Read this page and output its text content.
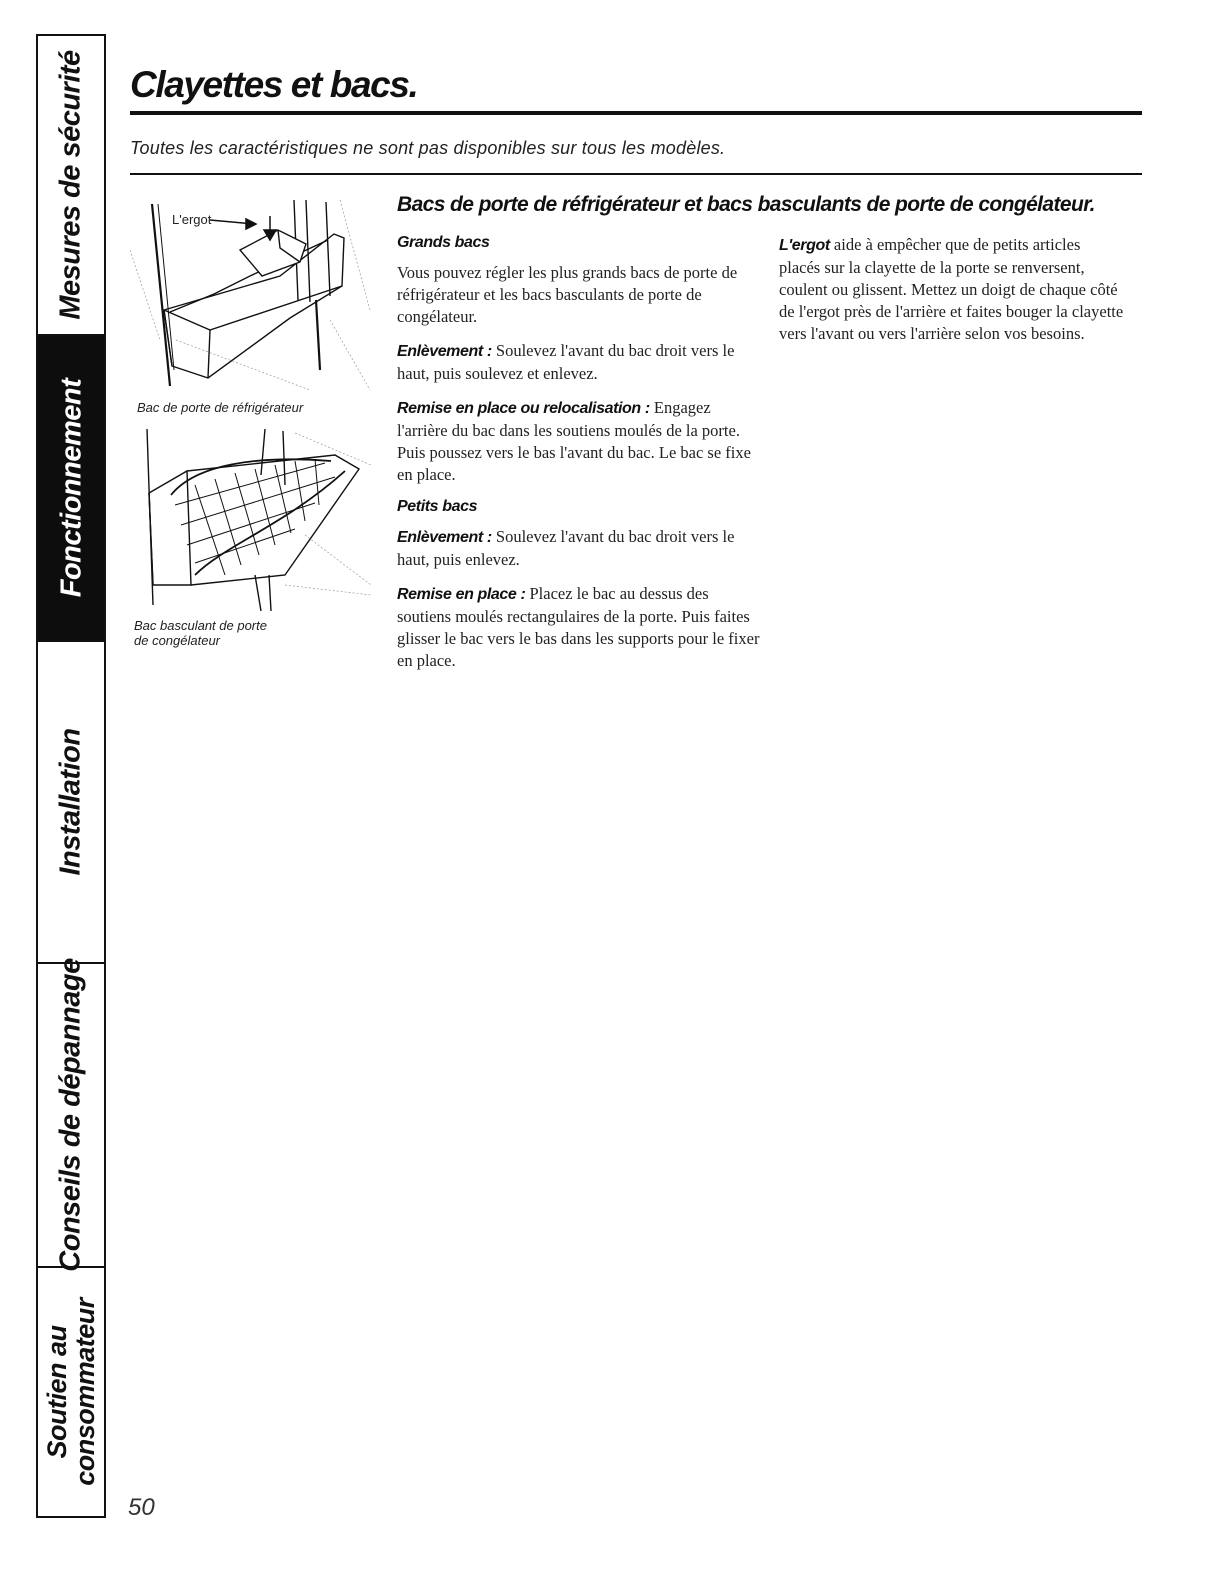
Mesures de sécurité
Fonctionnement
Installation
Conseils de dépannage
Soutien au
consommateur
Clayettes et bacs.
Toutes les caractéristiques ne sont pas disponibles sur tous les modèles.
L'ergot
Bac de porte de réfrigérateur
Bac basculant de porte
de congélateur
Bacs de porte de réfrigérateur et bacs basculants de porte de congélateur.
Grands bacs

Vous pouvez régler les plus grands bacs de porte de réfrigérateur et les bacs basculants de porte de congélateur.

Enlèvement : Soulevez l'avant du bac droit vers le haut, puis soulevez et enlevez.

Remise en place ou relocalisation : Engagez l'arrière du bac dans les soutiens moulés de la porte. Puis poussez vers le bas l'avant du bac. Le bac se fixe en place.

Petits bacs

Enlèvement : Soulevez l'avant du bac droit vers le haut, puis enlevez.

Remise en place : Placez le bac au dessus des soutiens moulés rectangulaires de la porte. Puis faites glisser le bac vers le bas dans les supports pour le fixer en place.

L'ergot aide à empêcher que de petits articles placés sur la clayette de la porte se renversent, coulent ou glissent. Mettez un doigt de chaque côté de l'ergot près de l'arrière et faites bouger la clayette vers l'avant ou vers l'arrière selon vos besoins.

50
